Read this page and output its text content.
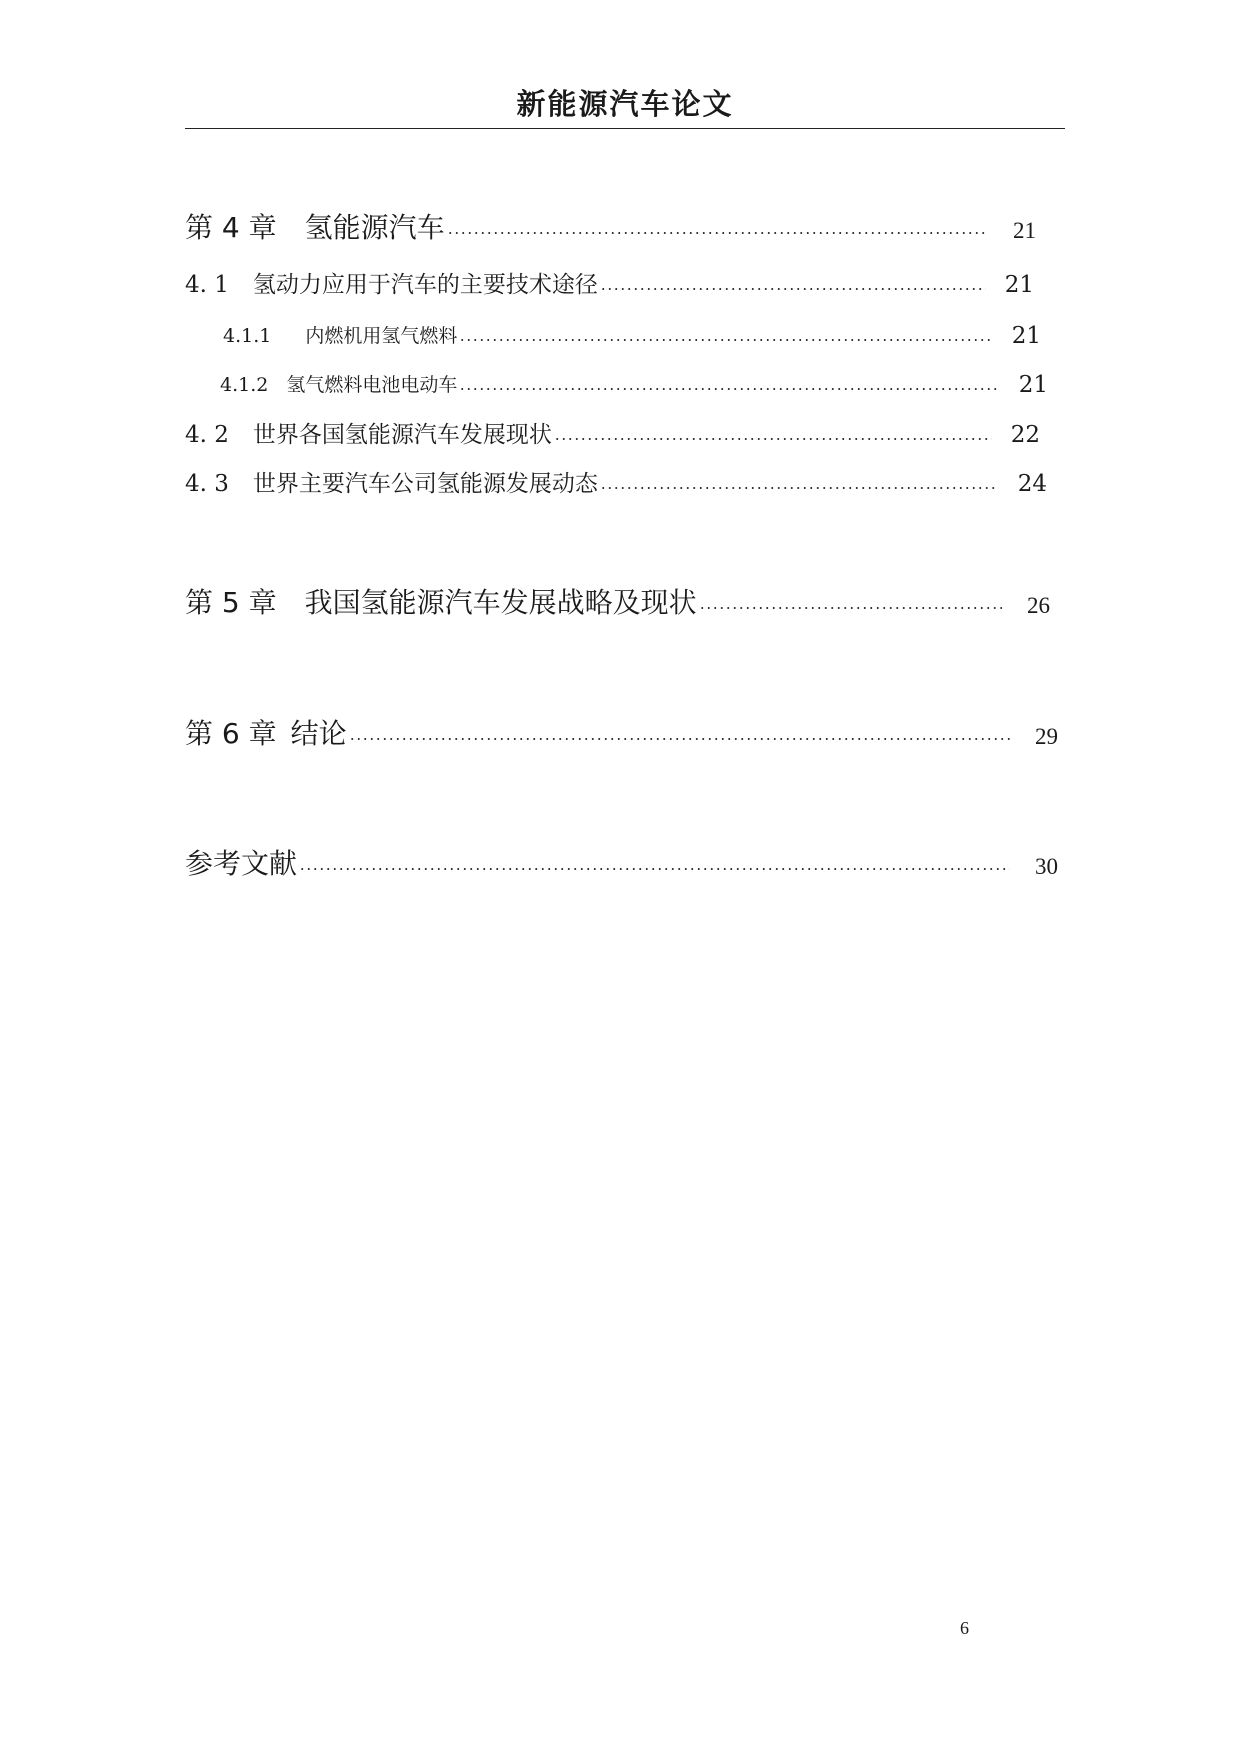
新能源汽车论文
第 4 章 氢能源汽车	21
4. 1 氢动力应用于汽车的主要技术途径	21
4.1.1 内燃机用氢气燃料	21
4.1.2 氢气燃料电池电动车	21
4. 2 世界各国氢能源汽车发展现状	22
4. 3 世界主要汽车公司氢能源发展动态	24
第 5 章 我国氢能源汽车发展战略及现状	26
第 6 章 结论	29
参考文献	30
6
